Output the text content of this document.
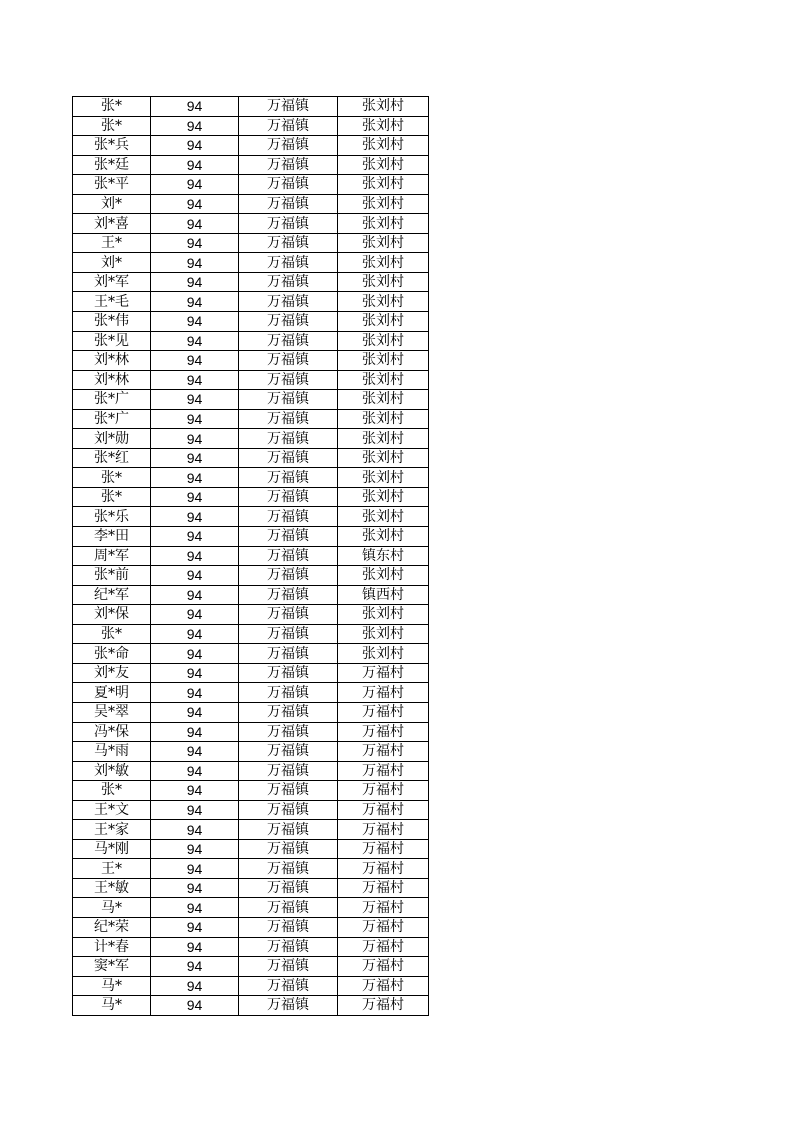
张*	94	万福镇	张刘村
张*	94	万福镇	张刘村
张*兵	94	万福镇	张刘村
张*廷	94	万福镇	张刘村
张*平	94	万福镇	张刘村
刘*	94	万福镇	张刘村
刘*喜	94	万福镇	张刘村
王*	94	万福镇	张刘村
刘*	94	万福镇	张刘村
刘*军	94	万福镇	张刘村
王*毛	94	万福镇	张刘村
张*伟	94	万福镇	张刘村
张*见	94	万福镇	张刘村
刘*林	94	万福镇	张刘村
刘*林	94	万福镇	张刘村
张*广	94	万福镇	张刘村
张*广	94	万福镇	张刘村
刘*勋	94	万福镇	张刘村
张*红	94	万福镇	张刘村
张*	94	万福镇	张刘村
张*	94	万福镇	张刘村
张*乐	94	万福镇	张刘村
李*田	94	万福镇	张刘村
周*军	94	万福镇	镇东村
张*前	94	万福镇	张刘村
纪*军	94	万福镇	镇西村
刘*保	94	万福镇	张刘村
张*	94	万福镇	张刘村
张*命	94	万福镇	张刘村
刘*友	94	万福镇	万福村
夏*明	94	万福镇	万福村
吴*翠	94	万福镇	万福村
冯*保	94	万福镇	万福村
马*雨	94	万福镇	万福村
刘*敏	94	万福镇	万福村
张*	94	万福镇	万福村
王*文	94	万福镇	万福村
王*家	94	万福镇	万福村
马*刚	94	万福镇	万福村
王*	94	万福镇	万福村
王*敏	94	万福镇	万福村
马*	94	万福镇	万福村
纪*荣	94	万福镇	万福村
计*春	94	万福镇	万福村
窦*军	94	万福镇	万福村
马*	94	万福镇	万福村
马*	94	万福镇	万福村
